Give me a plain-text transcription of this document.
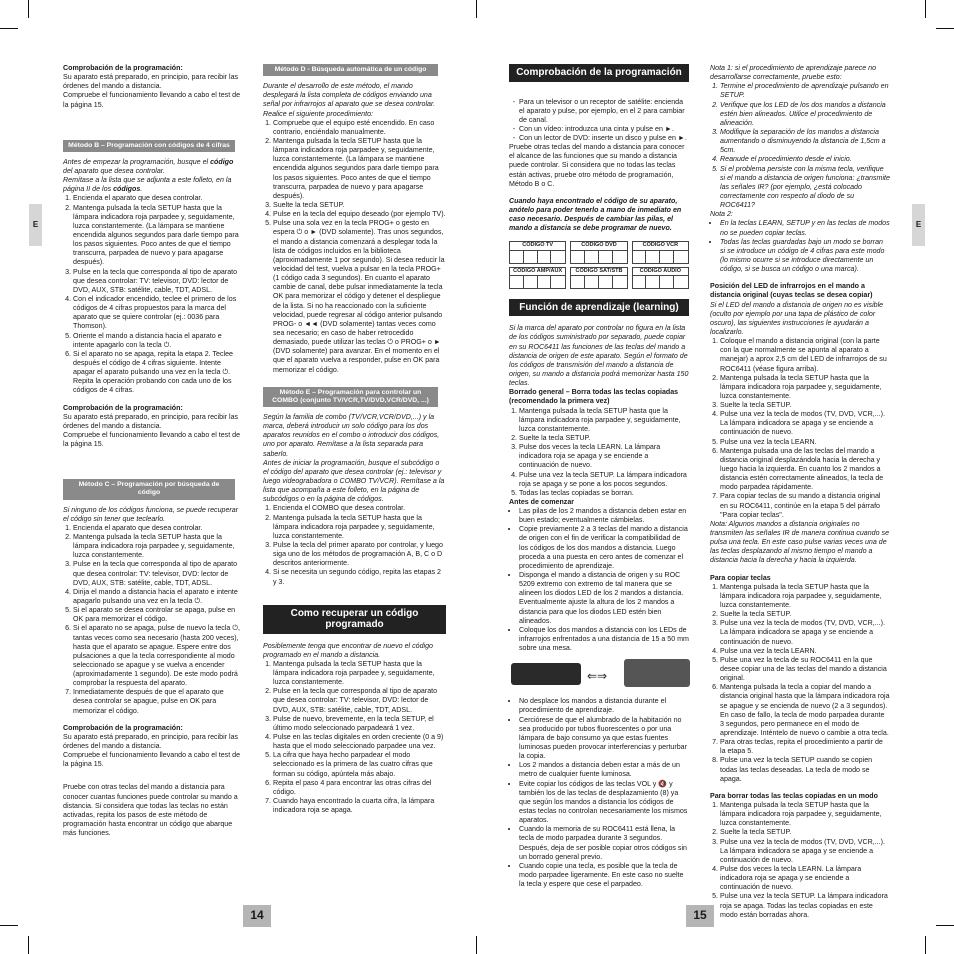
E	E
14	15
Comprobación de la programación:
Su aparato está preparado, en principio, para recibir las órdenes del mando a distancia.
Compruebe el funcionamiento llevando a cabo el test de la página 15.
Método B – Programación con códigos de 4 cifras
Antes de empezar la programación, busque el código del aparato que desea controlar.
Remítase a la lista que se adjunta a este folleto, en la página II de los códigos.
1. Encienda el aparato que desea controlar.
2. Mantenga pulsada la tecla SETUP hasta que la lámpara indicadora roja parpadee y, seguidamente, luzca constantemente. (La lámpara se mantiene encendida algunos segundos para darle tiempo para los pasos siguientes. Poco antes de que el tiempo transcurra, parpadea de nuevo y para apagarse después).
3. Pulse en la tecla que corresponda al tipo de aparato que desea controlar: TV: televisor, DVD: lector de DVD, AUX, STB: satélite, cable, TDT, ADSL.
4. Con el indicador encendido, teclee el primero de los códigos de 4 cifras propuestos para la marca del aparato que se quiere controlar (ej.: 0036 para Thomson).
5. Oriente el mando a distancia hacia el aparato e intente apagarlo con la tecla ⏻.
6. Si el aparato no se apaga, repita la etapa 2. Teclee después el código de 4 cifras siguiente. Intente apagar el aparato pulsando una vez en la tecla ⏻. Repita la operación probando con cada uno de los códigos de 4 cifras.
Comprobación de la programación:
Su aparato está preparado, en principio, para recibir las órdenes del mando a distancia.
Compruebe el funcionamiento llevando a cabo el test de la página 15.
Método C – Programación por búsqueda de código
Si ninguno de los códigos funciona, se puede recuperar el código sin tener que teclearlo.
1. Encienda el aparato que desea controlar.
2. Mantenga pulsada la tecla SETUP hasta que la lámpara indicadora roja parpadee y, seguidamente, luzca constantemente.
3. Pulse en la tecla que corresponda al tipo de aparato que desea controlar: TV: televisor, DVD: lector de DVD, AUX, STB: satélite, cable, TDT, ADSL.
4. Dirija el mando a distancia hacia el aparato e intente apagarlo pulsando una vez en la tecla ⏻.
5. Si el aparato se desea controlar se apaga, pulse en OK para memorizar el código.
6. Si el aparato no se apaga, pulse de nuevo la tecla ⏻, tantas veces como sea necesario (hasta 200 veces), hasta que el aparato se apague. Espere entre dos pulsaciones a que la tecla correspondiente al modo seleccionado se apague y se vuelva a encender (aproximadamente 1 segundo). De este modo podrá comprobar la respuesta del aparato.
7. Inmediatamente después de que el aparato que desea controlar se apague, pulse en OK para memorizar el código.
Comprobación de la programación:
Su aparato está preparado, en principio, para recibir las órdenes del mando a distancia.
Compruebe el funcionamiento llevando a cabo el test de la página 15.
Pruebe con otras teclas del mando a distancia para conocer cuantas funciones puede controlar su mando a distancia. Si considera que todas las teclas no están activadas, repita los pasos de este método de programación hasta encontrar un código que abarque más funciones.
Método D - Búsqueda automática de un código
Durante el desarrollo de este método, el mando desplegará la lista completa de códigos enviando una señal por infrarrojos al aparato que se desea controlar. Realice el siguiente procedimiento:
1. Compruebe que el equipo esté encendido. En caso contrario, enciéndalo manualmente.
2. Mantenga pulsada la tecla SETUP hasta que la lámpara indicadora roja parpadee y, seguidamente, luzca constantemente. (La lámpara se mantiene encendida algunos segundos para darle tiempo para los pasos siguientes. Poco antes de que el tiempo transcurra, parpadea de nuevo y para apagarse después).
3. Suelte la tecla SETUP.
4. Pulse en la tecla del equipo deseado (por ejemplo TV).
5. Pulse una sola vez en la tecla PROG+ o gesto en espera ⏻ o ► (DVD solamente). Tras unos segundos, el mando a distancia comenzará a desplegar toda la lista de códigos incluidos en la biblioteca (aproximadamente 1 por segundo). Si desea reducir la velocidad del test, vuelva a pulsar en la tecla PROG+ (1 código cada 3 segundos). En cuanto el aparato cambie de canal, debe pulsar inmediatamente la tecla OK para memorizar el código y detener el despliegue de la lista. Si no ha reaccionado con la suficiente velocidad, puede regresar al código anterior pulsando PROG- o ◄◄ (DVD solamente) tantas veces como sea necesario; en caso de haber retrocedido demasiado, puede utilizar las teclas ⏻ o PROG+ o ► (DVD solamente) para avanzar. En el momento en el que el aparato vuelva a responder, pulse en OK para memorizar el código.
Método E – Programación para controlar un COMBO (conjunto TV/VCR,TV/DVD,VCR/DVD, ...)
Según la familia de combo (TV/VCR,VCR/DVD,...) y la marca, deberá introducir un solo código para los dos aparatos reunidos en el combo o introducir dos códigos, uno por aparato. Remítase a la lista separada para saberlo.
Antes de iniciar la programación, busque el subcódigo o el código del aparato que desea controlar (ej.: televisor y luego videograbadora o COMBO TV/VCR). Remítase a la lista que acompaña a este folleto, en la página de subcódigos o en la página de códigos.
1. Encienda el COMBO que desea controlar.
2. Mantenga pulsada la tecla SETUP hasta que la lámpara indicadora roja parpadee y, seguidamente, luzca constantemente.
3. Pulse la tecla del primer aparato por controlar, y luego siga uno de los métodos de programación A, B, C o D descritos anteriormente.
4. Si se necesita un segundo código, repita las etapas 2 y 3.
Como recuperar un código programado
Posiblemente tenga que encontrar de nuevo el código programado en el mando a distancia.
1. Mantenga pulsada la tecla SETUP hasta que la lámpara indicadora roja parpadee y, seguidamente, luzca constantemente.
2. Pulse en la tecla que corresponda al tipo de aparato que desea controlar: TV: televisor, DVD: lector de DVD, AUX, STB: satélite, cable, TDT, ADSL.
3. Pulse de nuevo, brevemente, en la tecla SETUP, el último modo seleccionado parpadeará 1 vez.
4. Pulse en las teclas digitales en orden creciente (0 a 9) hasta que el modo seleccionado parpadee una vez.
5. La cifra que haya hecho parpadear el modo seleccionado es la primera de las cuatro cifras que forman su código, apúntela más abajo.
6. Repita el paso 4 para encontrar las otras cifras del código.
7. Cuando haya encontrado la cuarta cifra, la lámpara indicadora roja se apaga.
Comprobación de la programación
- Para un televisor o un receptor de satélite: encienda el aparato y pulse, por ejemplo, en el 2 para cambiar de canal.
- Con un vídeo: introduzca una cinta y pulse en ►.
- Con un lector de DVD: inserte un disco y pulse en ►.
Pruebe otras teclas del mando a distancia para conocer el alcance de las funciones que su mando a distancia puede controlar. Si considera que no todas las teclas están activas, pruebe otro método de programación, Método B o C.
Cuando haya encontrado el código de su aparato, anótelo para poder tenerlo a mano de inmediato en caso necesario. Después de cambiar las pilas, el mando a distancia se debe programar de nuevo.
CÓDIGO TV	CÓDIGO DVD	CÓDIGO VCR
CÓDIGO AMP/AUX	CÓDIGO SAT/STB	CÓDIGO AUDIO
Función de aprendizaje (learning)
Si la marca del aparato por controlar no figura en la lista de los códigos suministrado por separado, puede copiar en su ROC6411 las funciones de las teclas del mando a distancia de origen de este aparato. Según el formato de los códigos de transmisión del mando a distancia de origen, su mando a distancia podrá memorizar hasta 150 teclas.
Borrado general – Borra todas las teclas copiadas (recomendado la primera vez)
1. Mantenga pulsada la tecla SETUP hasta que la lámpara indicadora roja parpadee y, seguidamente, luzca constantemente.
2. Suelte la tecla SETUP.
3. Pulse dos veces la tecla LEARN. La lámpara indicadora roja se apaga y se enciende a continuación de nuevo.
4. Pulse una vez la tecla SETUP. La lámpara indicadora roja se apaga y se pone a los pocos segundos.
5. Todas las teclas copiadas se borran.
Antes de comenzar
• Las pilas de los 2 mandos a distancia deben estar en buen estado; eventualmente cámbielas.
• Copie previamente 2 a 3 teclas del mando a distancia de origen con el fin de verificar la compatibilidad de los códigos de los dos mandos a distancia. Luego proceda a una puesta en cero antes de comenzar el procedimiento de aprendizaje.
• Disponga el mando a distancia de origen y su ROC 5209 extremo con extremo de tal manera que se alineen los diodos LED de los 2 mandos a distancia. Eventualmente ajuste la altura de los 2 mandos a distancia para que los diodos LED estén bien alineados.
• Coloque los dos mandos a distancia con los LEDs de infrarrojos enfrentados a una distancia de 15 a 50 mm sobre una mesa.
⇐⇒
• No desplace los mandos a distancia durante el procedimiento de aprendizaje.
• Cerciórese de que el alumbrado de la habitación no sea producido por tubos fluorescentes o por una lámpara de bajo consumo ya que estas fuentes luminosas pueden provocar interferencias y perturbar la copia.
• Los 2 mandos a distancia deben estar a más de un metro de cualquier fuente luminosa.
• Evite copiar los códigos de las teclas VOL y 🔇 y también los de las teclas de desplazamiento (8) ya que según los mandos a distancia los códigos de estas teclas no controlan necesariamente los mismos aparatos.
• Cuando la memoria de su ROC6411 está llena, la tecla de modo parpadea durante 3 segundos. Después, deja de ser posible copiar otros códigos sin un borrado general previo.
• Cuando copie una tecla, es posible que la tecla de modo parpadee ligeramente. En este caso no suelte la tecla y espere que cese el parpadeo.
Nota 1: si el procedimiento de aprendizaje parece no desarrollarse correctamente, pruebe esto:
1. Termine el procedimiento de aprendizaje pulsando en SETUP.
2. Verifique que los LED de los dos mandos a distancia estén bien alineados. Utilice el procedimiento de alineación.
3. Modifique la separación de los mandos a distancia aumentando o disminuyendo la distancia de 1,5cm a 5cm.
4. Reanude el procedimiento desde el inicio.
5. Si el problema persiste con la misma tecla, verifique si el mando a distancia de origen funciona: ¿transmite las señales IR? (por ejemplo, ¿está colocado correctamente con respecto al diodo de su ROC6411?
Nota 2:
• En la teclas LEARN, SETUP y en las teclas de modos no se pueden copiar teclas.
• Todas las teclas guardadas bajo un modo se borran si se introduce un código de 4 cifras para este modo (lo mismo ocurre si se introduce directamente un código, si se busca un código o una marca).
Posición del LED de infrarrojos en el mando a distancia original (cuyas teclas se desea copiar)
Si el LED del mando a distancia de origen no es visible (oculto por ejemplo por una tapa de plástico de color oscuro), las siguientes instrucciones le ayudarán a localizarlo.
1. Coloque el mando a distancia original (con la parte con la que normalmente se apunta al aparato a manejar) a aprox 2,5 cm del LED de infrarrojos de su ROC6411 (véase figura arriba).
2. Mantenga pulsada la tecla SETUP hasta que la lámpara indicadora roja parpadee y, seguidamente, luzca constantemente.
3. Suelte la tecla SETUP.
4. Pulse una vez la tecla de modos (TV, DVD, VCR,...). La lámpara indicadora se apaga y se enciende a continuación de nuevo.
5. Pulse una vez la tecla LEARN.
6. Mantenga pulsada una de las teclas del mando a distancia original desplazándola hacia la derecha y luego hacia la izquierda. En cuanto los 2 mandos a distancia estén correctamente alineados, la tecla de modo parpadea rápidamente.
7. Para copiar teclas de su mando a distancia original en su ROC6411, continúe en la etapa 5 del párrafo "Para copiar teclas".
Nota: Algunos mandos a distancia originales no transmiten las señales IR de manera continua cuando se pulsa una tecla. En este caso pulse varias veces una de las teclas desplazando al mismo tiempo el mando a distancia hacia la derecha y hacia la izquierda.
Para copiar teclas
1. Mantenga pulsada la tecla SETUP hasta que la lámpara indicadora roja parpadee y, seguidamente, luzca constantemente.
2. Suelte la tecla SETUP.
3. Pulse una vez la tecla de modos (TV, DVD, VCR,...). La lámpara indicadora se apaga y se enciende a continuación de nuevo.
4. Pulse una vez la tecla LEARN.
5. Pulse una vez la tecla de su ROC6411 en la que desee copiar una de las teclas del mando a distancia original.
6. Mantenga pulsada la tecla a copiar del mando a distancia original hasta que la lámpara indicadora roja se apague y se encienda de nuevo (2 a 3 segundos). En caso de fallo, la tecla de modo parpadea durante 3 segundos, pero permanece en el modo de aprendizaje. Inténtelo de nuevo o cambie a otra tecla.
7. Para otras teclas, repita el procedimiento a partir de la etapa 5.
8. Pulse una vez la tecla SETUP cuando se copien todas las teclas deseadas. La tecla de modo se apaga.
Para borrar todas las teclas copiadas en un modo
1. Mantenga pulsada la tecla SETUP hasta que la lámpara indicadora roja parpadee y, seguidamente, luzca constantemente.
2. Suelte la tecla SETUP.
3. Pulse una vez la tecla de modos (TV, DVD, VCR,...). La lámpara indicadora se apaga y se enciende a continuación de nuevo.
4. Pulse dos veces la tecla LEARN. La lámpara indicadora roja se apaga y se enciende a continuación de nuevo.
5. Pulse una vez la tecla SETUP. La lámpara indicadora roja se apaga. Todas las teclas copiadas en este modo están borradas ahora.
